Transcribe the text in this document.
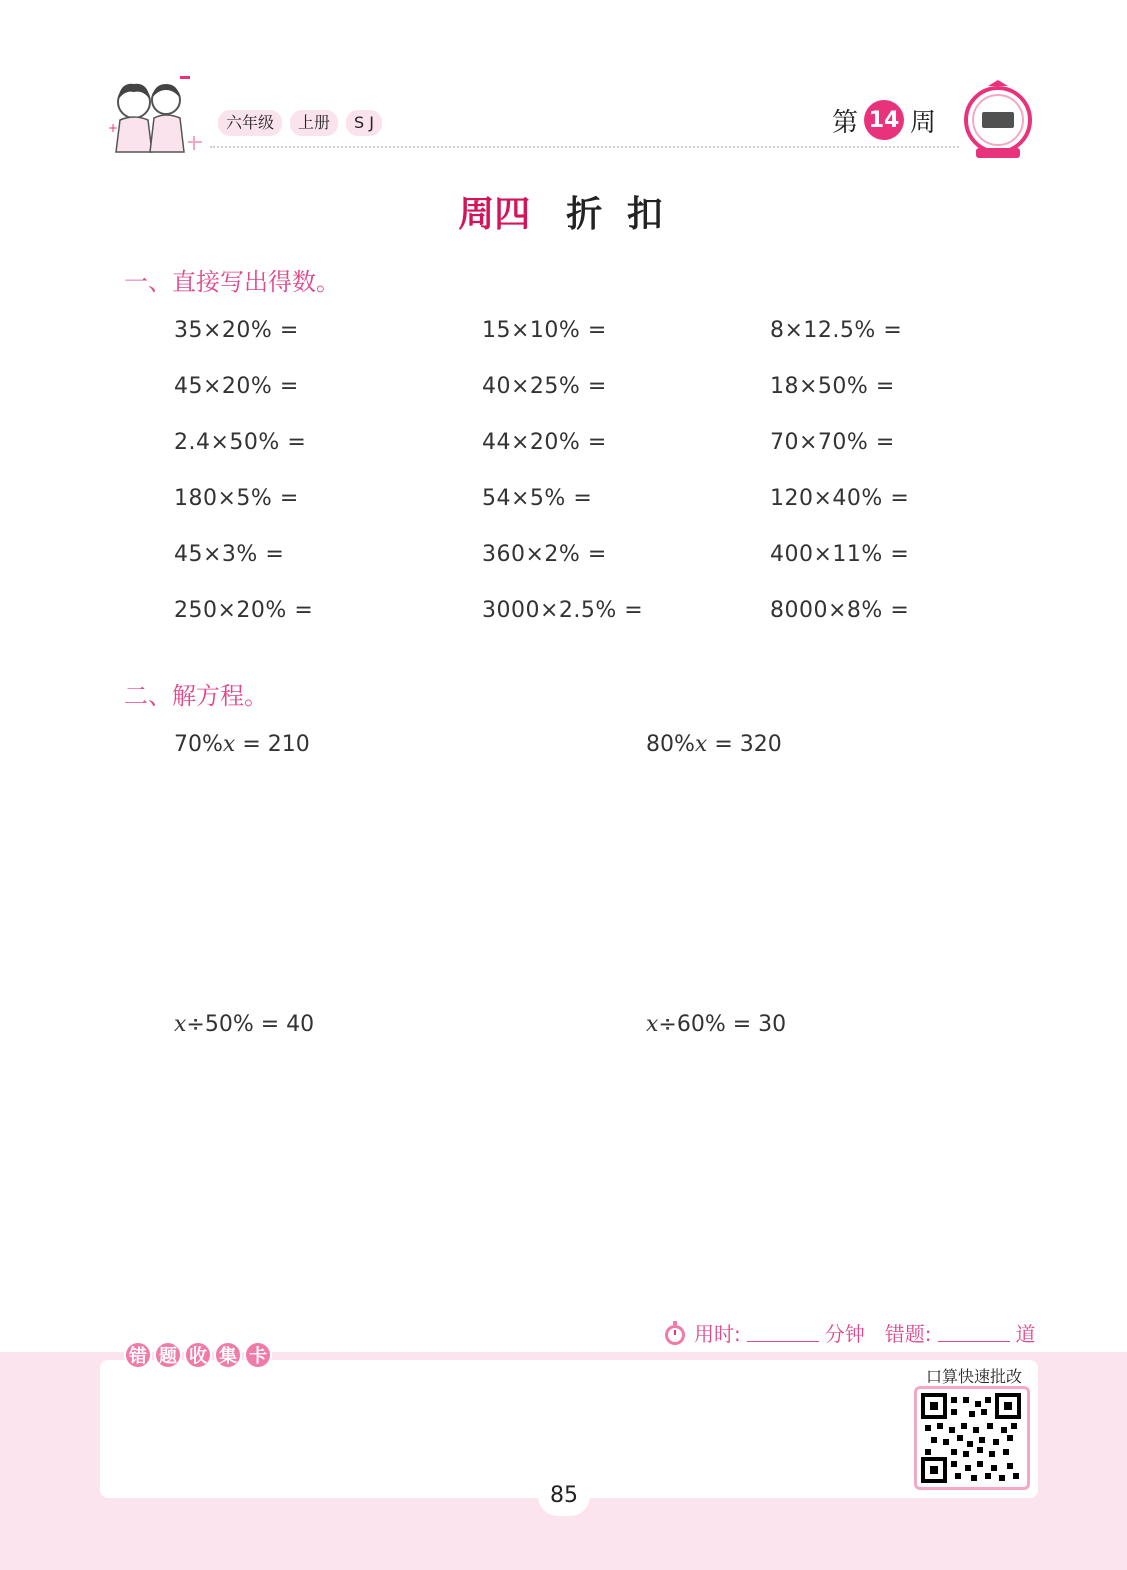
+	六年级	上册	S J	第 14 周
周四 折 扣
一、直接写出得数。
35×20% =	15×10% =	8×12.5% =
45×20% =	40×25% =	18×50% =
2.4×50% =	44×20% =	70×70% =
180×5% =	54×5% =	120×40% =
45×3% =	360×2% =	400×11% =
250×20% =	3000×2.5% =	8000×8% =
二、解方程。
70%x = 210	80%x = 320
x÷50% = 40	x÷60% = 30
用时:	分钟 错题:	道
错 题 收 集 卡
口算快速批改
85
